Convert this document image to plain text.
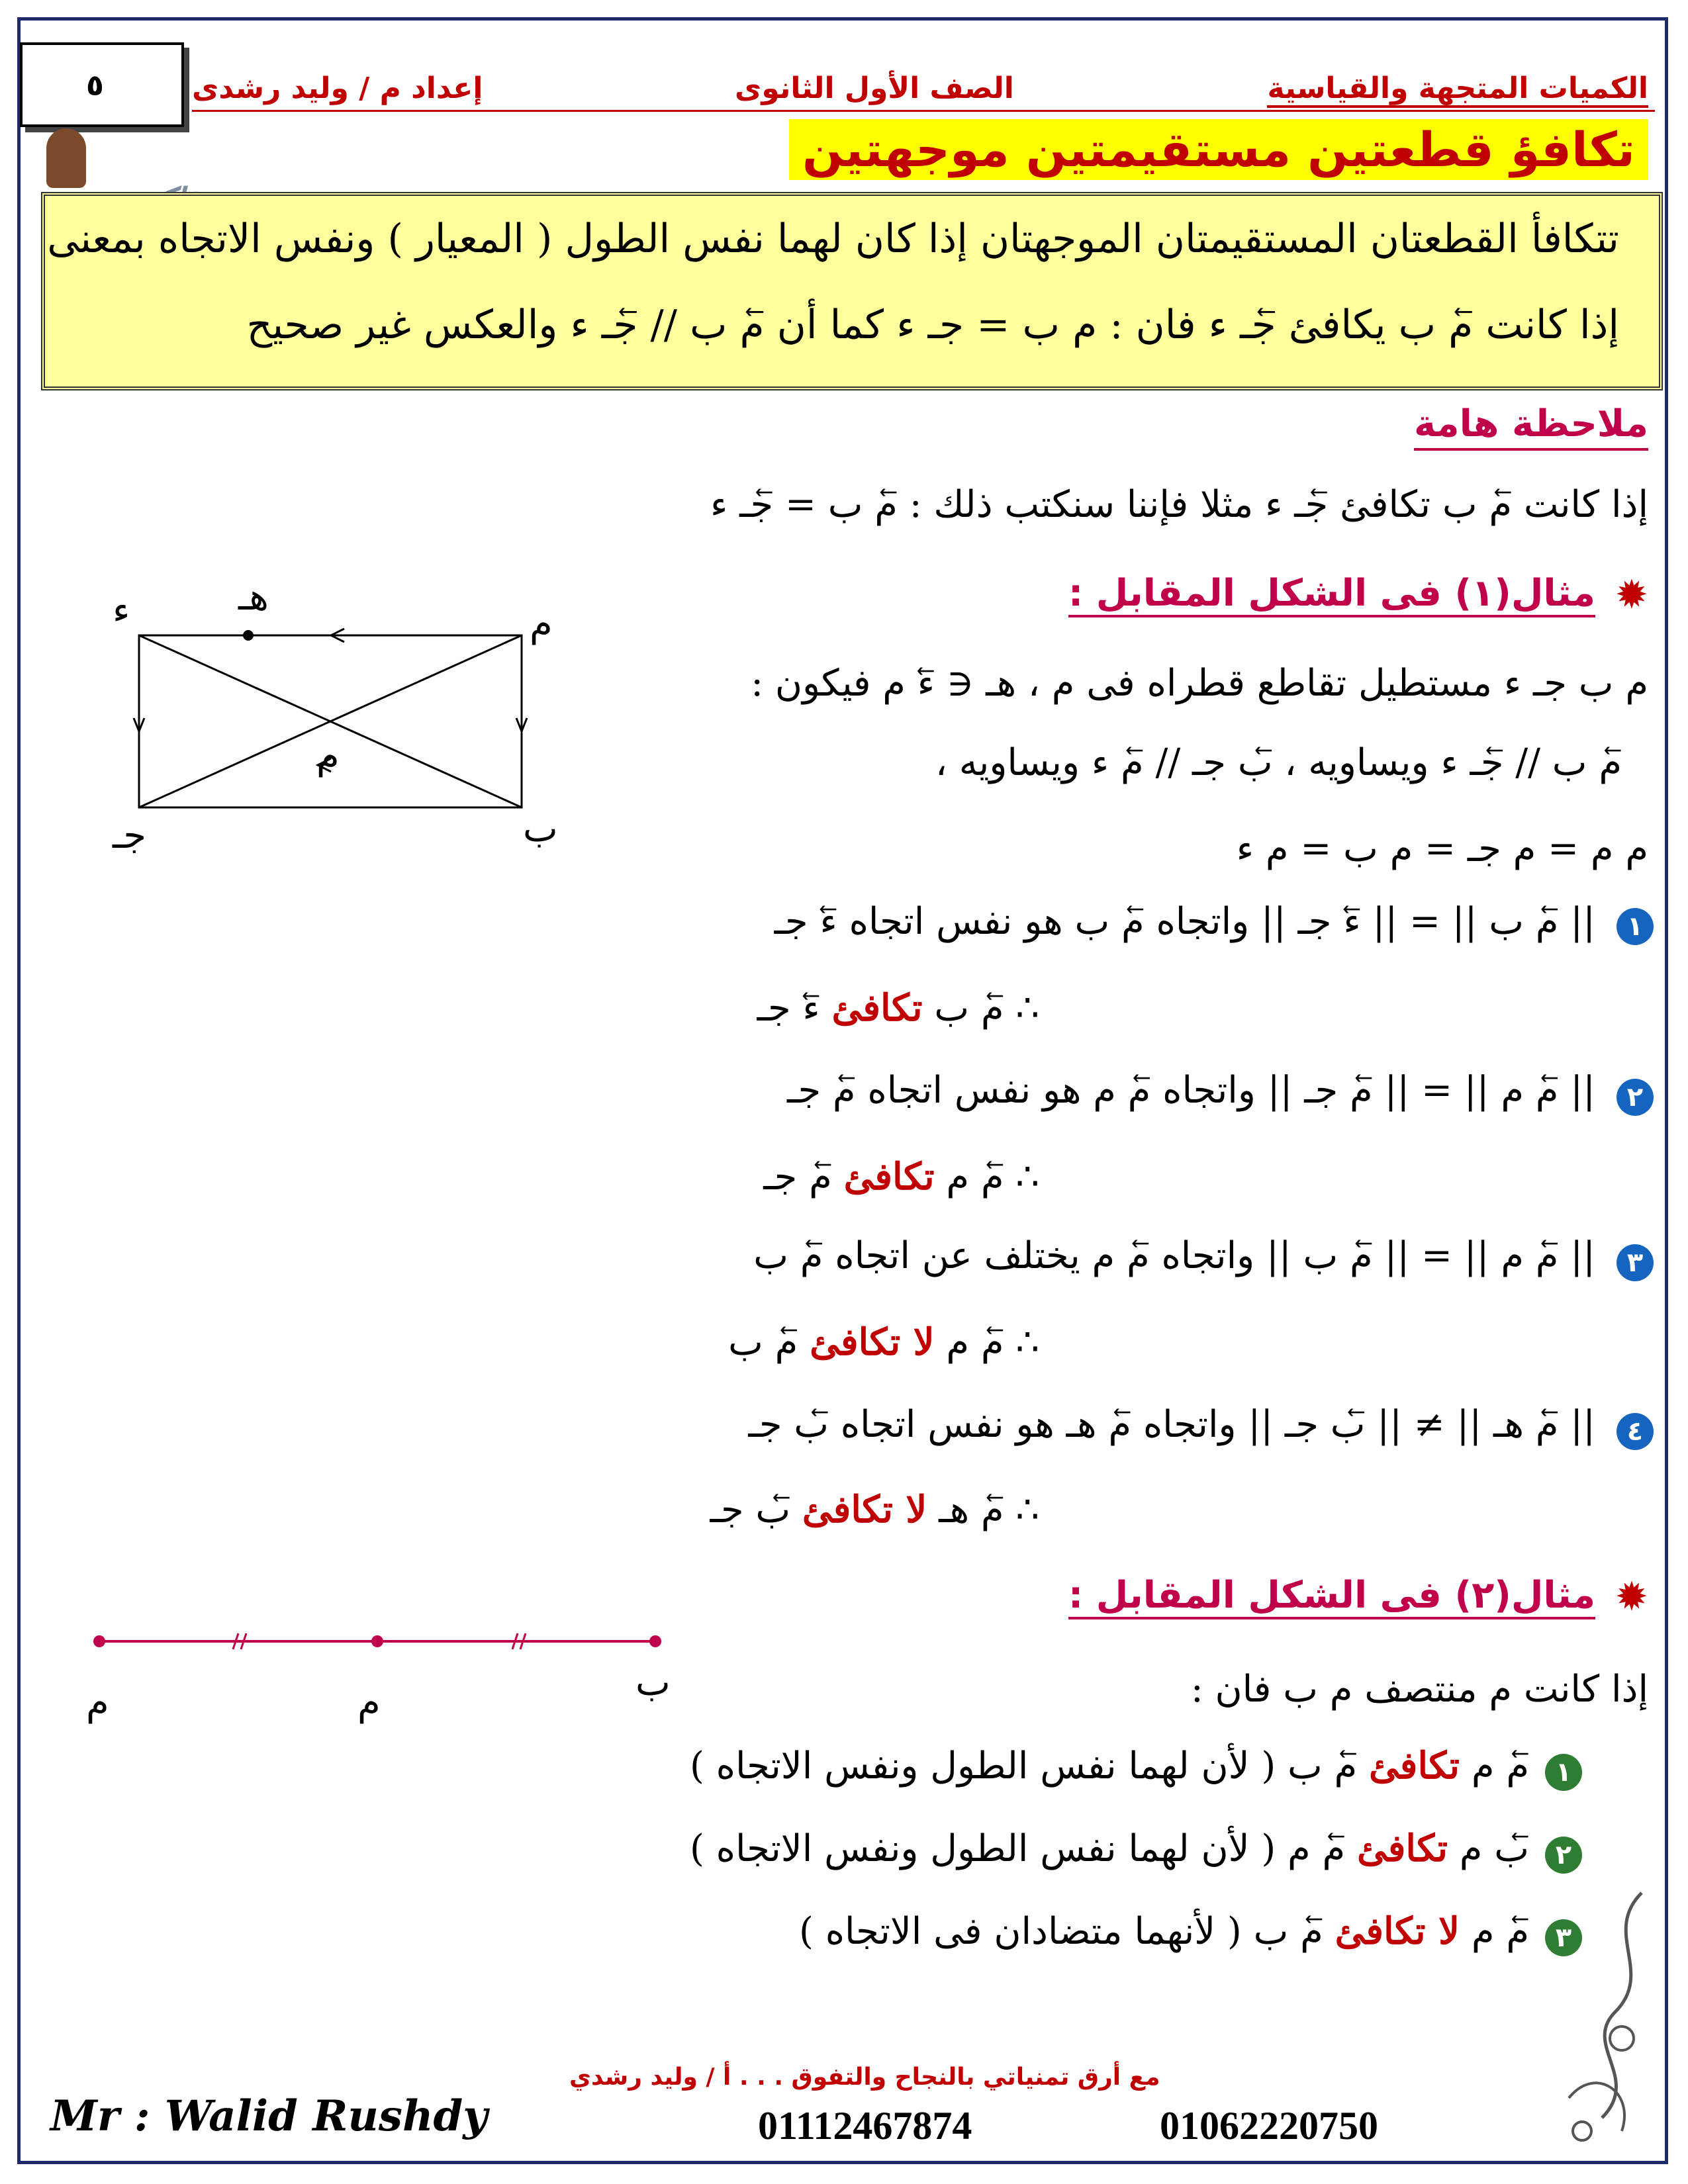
٥	الكميات المتجهة والقياسية
الصف الأول الثانوى
إعداد م / وليد رشدى
تكافؤ قطعتين مستقيمتين موجهتين
تتكافأ القطعتان المستقيمتان الموجهتان إذا كان لهما نفس الطول ( المعيار ) ونفس الاتجاه بمعنى
إذا كانت ⃖م ب يكافئ ⃖جـ ء فان : م ب = جـ ء كما أن ⃖م ب // ⃖جـ ء والعكس غير صحيح
ملاحظة هامة
إذا كانت ⃖م ب تكافئ ⃖جـ ء مثلا فإننا سنكتب ذلك : ⃖م ب = ⃖جـ ء
✹
مثال(١) فى الشكل المقابل :
م
ء	هـ
ب
جـ
م
م ب جـ ء مستطيل تقاطع قطراه فى م ، هـ ∈ ⃖ء م فيكون :
⃖م ب // ⃖جـ ء ويساويه ، ⃖ب جـ // ⃖م ء ويساويه ،
م م = م جـ = م ب = م ء
١
|| ⃖م ب || = || ⃖ء جـ || واتجاه ⃖م ب هو نفس اتجاه ⃖ء جـ
∴ ⃖م ب تكافئ ⃖ء جـ
٢
|| ⃖م م || = || ⃖م جـ || واتجاه ⃖م م هو نفس اتجاه ⃖م جـ
∴ ⃖م م تكافئ ⃖م جـ
٣
|| ⃖م م || = || ⃖م ب || واتجاه ⃖م م يختلف عن اتجاه ⃖م ب
∴ ⃖م م لا تكافئ ⃖م ب
٤
|| ⃖م هـ || ≠ || ⃖ب جـ || واتجاه ⃖م هـ هو نفس اتجاه ⃖ب جـ
∴ ⃖م هـ لا تكافئ ⃖ب جـ
✹
مثال(٢) فى الشكل المقابل :
م	م	ب	إذا كانت م منتصف م ب فان :
١
⃖م م تكافئ ⃖م ب ( لأن لهما نفس الطول ونفس الاتجاه )
٢
⃖ب م تكافئ ⃖م م ( لأن لهما نفس الطول ونفس الاتجاه )
٣
⃖م م لا تكافئ ⃖م ب ( لأنهما متضادان فى الاتجاه )
مع أرق تمنياتي بالنجاح والتفوق . . . أ / وليد رشدي
Mr : Walid Rushdy	01112467874	01062220750
